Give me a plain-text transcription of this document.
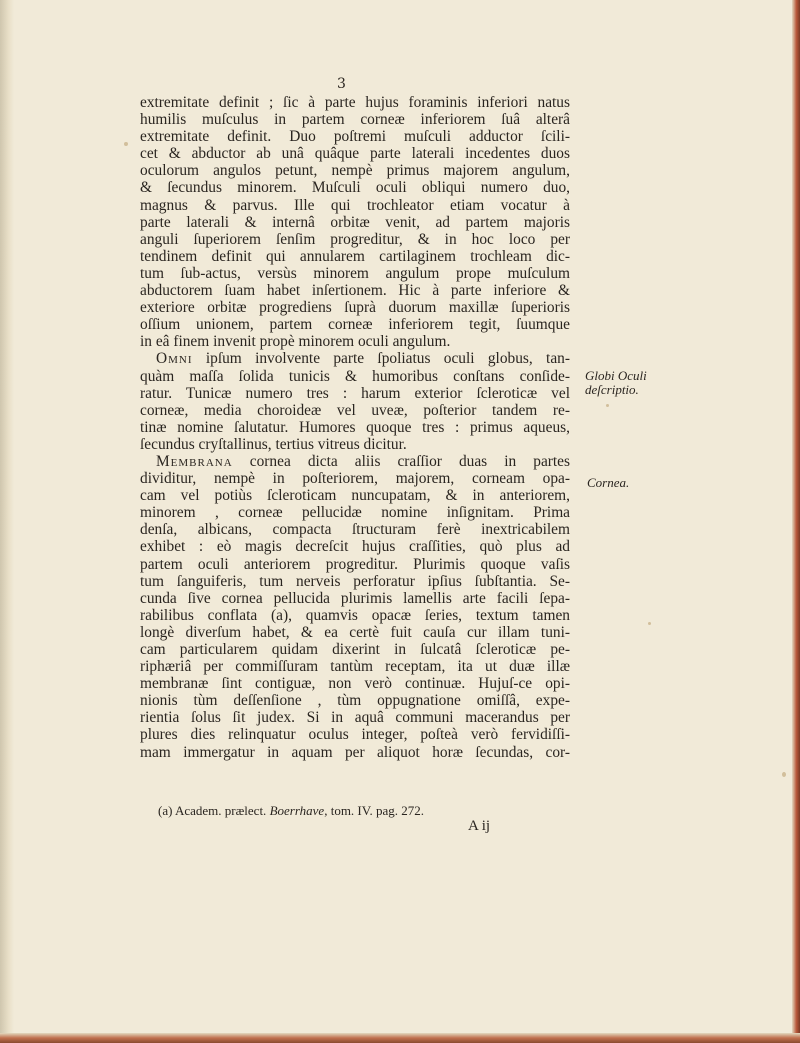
3
extremitate definit ; ſic à parte hujus foraminis inferiori natus
humilis muſculus in partem corneæ inferiorem ſuâ alterâ
extremitate definit. Duo poſtremi muſculi adductor ſcili-
cet & abductor ab unâ quâque parte laterali incedentes duos
oculorum angulos petunt, nempè primus majorem angulum,
& ſecundus minorem. Muſculi oculi obliqui numero duo,
magnus & parvus. Ille qui trochleator etiam vocatur à
parte laterali & internâ orbitæ venit, ad partem majoris
anguli ſuperiorem ſenſim progreditur, & in hoc loco per
tendinem definit qui annularem cartilaginem trochleam dic-
tum ſub-actus, versùs minorem angulum prope muſculum
abductorem ſuam habet inſertionem. Hic à parte inferiore &
exteriore orbitæ progrediens ſuprà duorum maxillæ ſuperioris
oſſium unionem, partem corneæ inferiorem tegit, ſuumque
in eâ finem invenit propè minorem oculi angulum.
Omni ipſum involvente parte ſpoliatus oculi globus, tan-
quàm maſſa ſolida tunicis & humoribus conſtans conſide-
ratur. Tunicæ numero tres : harum exterior ſcleroticæ vel
corneæ, media choroideæ vel uveæ, poſterior tandem re-
tinæ nomine ſalutatur. Humores quoque tres : primus aqueus,
ſecundus cryſtallinus, tertius vitreus dicitur.
Membrana cornea dicta aliis craſſior duas in partes
dividitur, nempè in poſteriorem, majorem, corneam opa-
cam vel potiùs ſcleroticam nuncupatam, & in anteriorem,
minorem , corneæ pellucidæ nomine inſignitam. Prima
denſa, albicans, compacta ſtructuram ferè inextricabilem
exhibet : eò magis decreſcit hujus craſſities, quò plus ad
partem oculi anteriorem progreditur. Plurimis quoque vaſis
tum ſanguiferis, tum nerveis perforatur ipſius ſubſtantia. Se-
cunda ſive cornea pellucida plurimis lamellis arte facili ſepa-
rabilibus conflata (a), quamvis opacæ ſeries, textum tamen
longè diverſum habet, & ea certè fuit cauſa cur illam tuni-
cam particularem quidam dixerint in ſulcatâ ſcleroticæ pe-
riphæriâ per commiſſuram tantùm receptam, ita ut duæ illæ
membranæ ſint contiguæ, non verò continuæ. Hujuſ-ce opi-
nionis tùm deſſenſione , tùm oppugnatione omiſſâ, expe-
rientia ſolus ſit judex. Si in aquâ communi macerandus per
plures dies relinquatur oculus integer, poſteà verò fervidiſſi-
mam immergatur in aquam per aliquot horæ ſecundas, cor-
Globi Oculi
deſcriptio.
Cornea.
(a) Academ. prælect. Boerrhave, tom. IV. pag. 272.
A ij
